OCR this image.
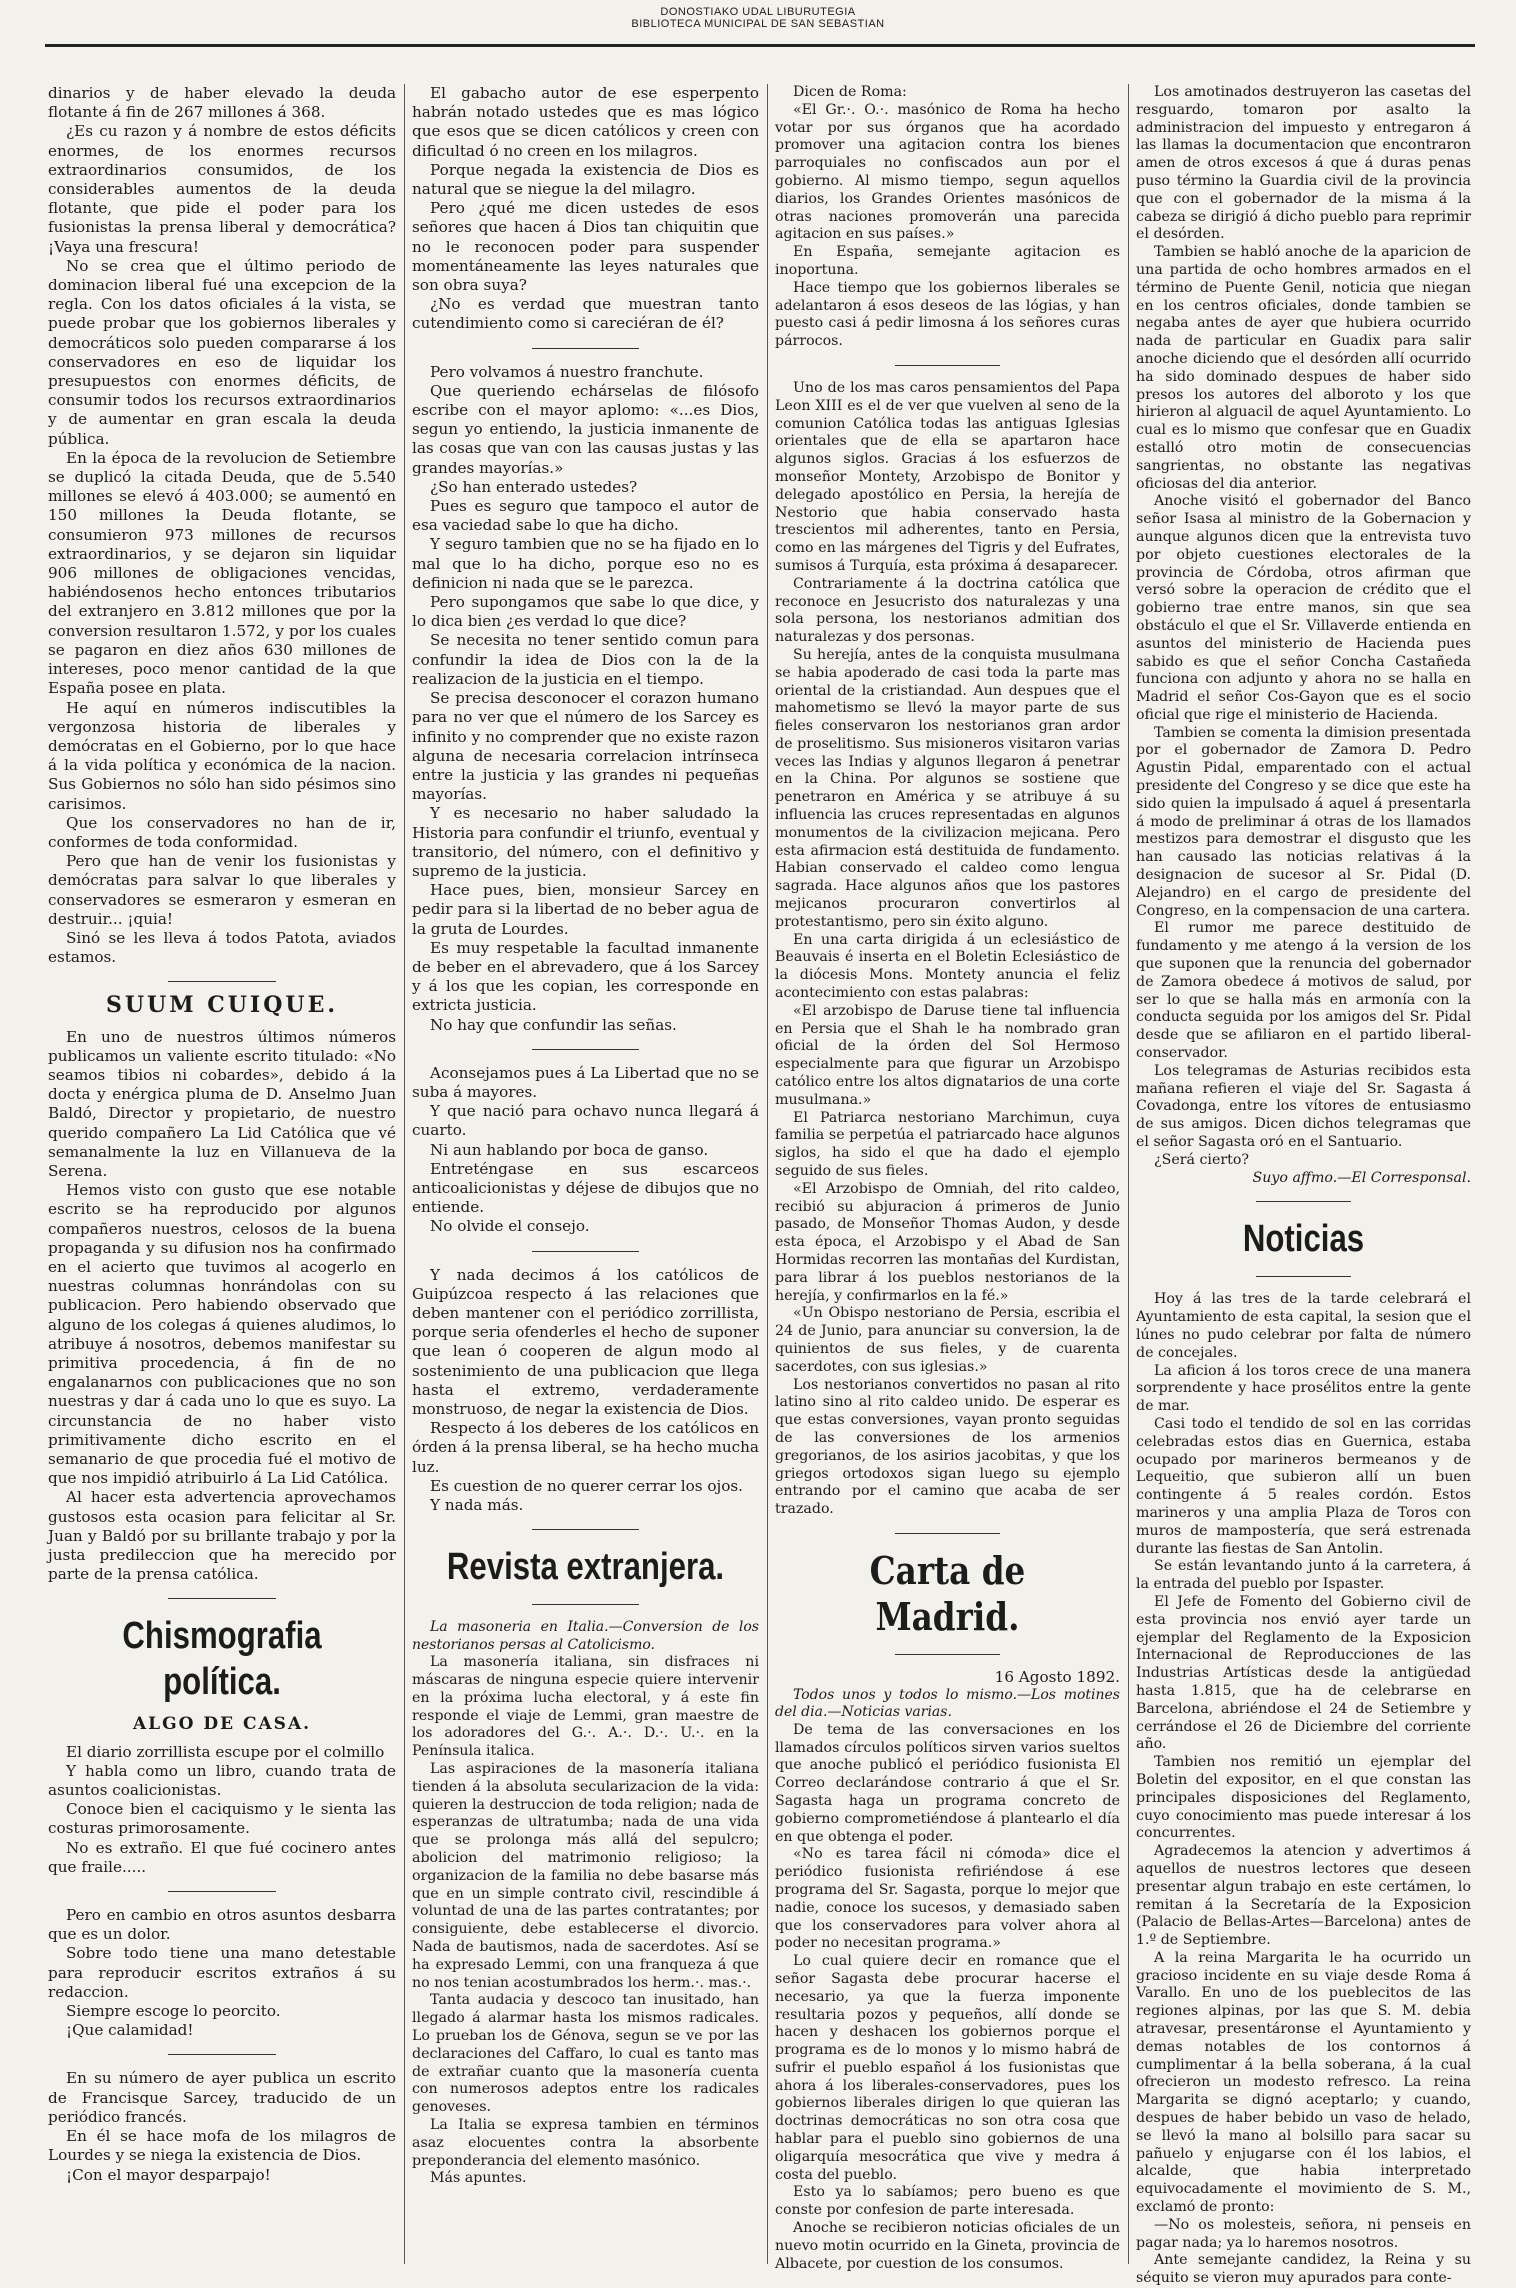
DONOSTIAKO UDAL LIBURUTEGIA
BIBLIOTECA MUNICIPAL DE SAN SEBASTIAN

dinarios y de haber elevado la deuda flotante á fin de 267 millones á 368.

¿Es cu razon y á nombre de estos déficits enormes, de los enormes recursos extraordinarios consumidos, de los considerables aumentos de la deuda flotante, que pide el poder para los fusionistas la prensa liberal y democrática? ¡Vaya una frescura!

No se crea que el último periodo de dominacion liberal fué una excepcion de la regla. Con los datos oficiales á la vista, se puede probar que los gobiernos liberales y democráticos solo pueden compararse á los conservadores en eso de liquidar los presupuestos con enormes déficits, de consumir todos los recursos extraordinarios y de aumentar en gran escala la deuda pública.

En la época de la revolucion de Setiembre se duplicó la citada Deuda, que de 5.540 millones se elevó á 403.000; se aumentó en 150 millones la Deuda flotante, se consumieron 973 millones de recursos extraordinarios, y se dejaron sin liquidar 906 millones de obligaciones vencidas, habiéndosenos hecho entonces tributarios del extranjero en 3.812 millones que por la conversion resultaron 1.572, y por los cuales se pagaron en diez años 630 millones de intereses, poco menor cantidad de la que España posee en plata.

He aquí en números indiscutibles la vergonzosa historia de liberales y demócratas en el Gobierno, por lo que hace á la vida política y económica de la nacion. Sus Gobiernos no sólo han sido pésimos sino carisimos.

Que los conservadores no han de ir, conformes de toda conformidad.

Pero que han de venir los fusionistas y demócratas para salvar lo que liberales y conservadores se esmeraron y esmeran en destruir... ¡quia!

Sinó se les lleva á todos Patota, aviados estamos.

SUUM CUIQUE.

En uno de nuestros últimos números publicamos un valiente escrito titulado: «No seamos tibios ni cobardes», debido á la docta y enérgica pluma de D. Anselmo Juan Baldó, Director y propietario, de nuestro querido compañero La Lid Católica que vé semanalmente la luz en Villanueva de la Serena.

Hemos visto con gusto que ese notable escrito se ha reproducido por algunos compañeros nuestros, celosos de la buena propaganda y su difusion nos ha confirmado en el acierto que tuvimos al acogerlo en nuestras columnas honrándolas con su publicacion. Pero habiendo observado que alguno de los colegas á quienes aludimos, lo atribuye á nosotros, debemos manifestar su primitiva procedencia, á fin de no engalanarnos con publicaciones que no son nuestras y dar á cada uno lo que es suyo. La circunstancia de no haber visto primitivamente dicho escrito en el semanario de que procedia fué el motivo de que nos impidió atribuirlo á La Lid Católica.

Al hacer esta advertencia aprovechamos gustosos esta ocasion para felicitar al Sr. Juan y Baldó por su brillante trabajo y por la justa predileccion que ha merecido por parte de la prensa católica.

Chismografia política.
ALGO DE CASA.

El diario zorrillista escupe por el colmillo

Y habla como un libro, cuando trata de asuntos coalicionistas.

Conoce bien el caciquismo y le sienta las costuras primorosamente.

No es extraño. El que fué cocinero antes que fraile.....

Pero en cambio en otros asuntos desbarra que es un dolor.

Sobre todo tiene una mano detestable para reproducir escritos extraños á su redaccion.

Siempre escoge lo peorcito.

¡Que calamidad!

En su número de ayer publica un escrito de Francisque Sarcey, traducido de un periódico francés.

En él se hace mofa de los milagros de Lourdes y se niega la existencia de Dios.

¡Con el mayor desparpajo!

El gabacho autor de ese esperpento habrán notado ustedes que es mas lógico que esos que se dicen católicos y creen con dificultad ó no creen en los milagros.

Porque negada la existencia de Dios es natural que se niegue la del milagro.

Pero ¿qué me dicen ustedes de esos señores que hacen á Dios tan chiquitin que no le reconocen poder para suspender momentáneamente las leyes naturales que son obra suya?

¿No es verdad que muestran tanto cutendimiento como si careciéran de él?

Pero volvamos á nuestro franchute.

Que queriendo echárselas de filósofo escribe con el mayor aplomo: «...es Dios, segun yo entiendo, la justicia inmanente de las cosas que van con las causas justas y las grandes mayorías.»

¿So han enterado ustedes?

Pues es seguro que tampoco el autor de esa vaciedad sabe lo que ha dicho.

Y seguro tambien que no se ha fijado en lo mal que lo ha dicho, porque eso no es definicion ni nada que se le parezca.

Pero supongamos que sabe lo que dice, y lo dica bien ¿es verdad lo que dice?

Se necesita no tener sentido comun para confundir la idea de Dios con la de la realizacion de la justicia en el tiempo.

Se precisa desconocer el corazon humano para no ver que el número de los Sarcey es infinito y no comprender que no existe razon alguna de necesaria correlacion intrínseca entre la justicia y las grandes ni pequeñas mayorías.

Y es necesario no haber saludado la Historia para confundir el triunfo, eventual y transitorio, del número, con el definitivo y supremo de la justicia.

Hace pues, bien, monsieur Sarcey en pedir para si la libertad de no beber agua de la gruta de Lourdes.

Es muy respetable la facultad inmanente de beber en el abrevadero, que á los Sarcey y á los que les copian, les corresponde en extricta justicia.

No hay que confundir las señas.

Aconsejamos pues á La Libertad que no se suba á mayores.

Y que nació para ochavo nunca llegará á cuarto.

Ni aun hablando por boca de ganso.

Entreténgase en sus escarceos anticoalicionistas y déjese de dibujos que no entiende.

No olvide el consejo.

Y nada decimos á los católicos de Guipúzcoa respecto á las relaciones que deben mantener con el periódico zorrillista, porque seria ofenderles el hecho de suponer que lean ó cooperen de algun modo al sostenimiento de una publicacion que llega hasta el extremo, verdaderamente monstruoso, de negar la existencia de Dios.

Respecto á los deberes de los católicos en órden á la prensa liberal, se ha hecho mucha luz.

Es cuestion de no querer cerrar los ojos.

Y nada más.

Revista extranjera.

La masoneria en Italia.—Conversion de los nestorianos persas al Catolicismo.

La masonería italiana, sin disfraces ni máscaras de ninguna especie quiere intervenir en la próxima lucha electoral, y á este fin responde el viaje de Lemmi, gran maestre de los adoradores del G.·. A.·. D.·. U.·. en la Península italica.

Las aspiraciones de la masonería italiana tienden á la absoluta secularizacion de la vida: quieren la destruccion de toda religion; nada de esperanzas de ultratumba; nada de una vida que se prolonga más allá del sepulcro; abolicion del matrimonio religioso; la organizacion de la familia no debe basarse más que en un simple contrato civil, rescindible á voluntad de una de las partes contratantes; por consiguiente, debe establecerse el divorcio. Nada de bautismos, nada de sacerdotes. Así se ha expresado Lemmi, con una franqueza á que no nos tenian acostumbrados los herm.·. mas.·.

Tanta audacia y descoco tan inusitado, han llegado á alarmar hasta los mismos radicales. Lo prueban los de Génova, segun se ve por las declaraciones del Caffaro, lo cual es tanto mas de extrañar cuanto que la masonería cuenta con numerosos adeptos entre los radicales genoveses.

La Italia se expresa tambien en términos asaz elocuentes contra la absorbente preponderancia del elemento masónico.

Más apuntes.

Dicen de Roma:

«El Gr.·. O.·. masónico de Roma ha hecho votar por sus órganos que ha acordado promover una agitacion contra los bienes parroquiales no confiscados aun por el gobierno. Al mismo tiempo, segun aquellos diarios, los Grandes Orientes masónicos de otras naciones promoverán una parecida agitacion en sus países.»

En España, semejante agitacion es inoportuna.

Hace tiempo que los gobiernos liberales se adelantaron á esos deseos de las lógias, y han puesto casi á pedir limosna á los señores curas párrocos.

Uno de los mas caros pensamientos del Papa Leon XIII es el de ver que vuelven al seno de la comunion Católica todas las antiguas Iglesias orientales que de ella se apartaron hace algunos siglos. Gracias á los esfuerzos de monseñor Montety, Arzobispo de Bonitor y delegado apostólico en Persia, la herejía de Nestorio que habia conservado hasta trescientos mil adherentes, tanto en Persia, como en las márgenes del Tigris y del Eufrates, sumisos á Turquía, esta próxima á desaparecer.

Contrariamente á la doctrina católica que reconoce en Jesucristo dos naturalezas y una sola persona, los nestorianos admitian dos naturalezas y dos personas.

Su herejía, antes de la conquista musulmana se habia apoderado de casi toda la parte mas oriental de la cristiandad. Aun despues que el mahometismo se llevó la mayor parte de sus fieles conservaron los nestorianos gran ardor de proselitismo. Sus misioneros visitaron varias veces las Indias y algunos llegaron á penetrar en la China. Por algunos se sostiene que penetraron en América y se atribuye á su influencia las cruces representadas en algunos monumentos de la civilizacion mejicana. Pero esta afirmacion está destituida de fundamento. Habian conservado el caldeo como lengua sagrada. Hace algunos años que los pastores mejicanos procuraron convertirlos al protestantismo, pero sin éxito alguno.

En una carta dirigida á un eclesiástico de Beauvais é inserta en el Boletin Eclesiástico de la diócesis Mons. Montety anuncia el feliz acontecimiento con estas palabras:

«El arzobispo de Daruse tiene tal influencia en Persia que el Shah le ha nombrado gran oficial de la órden del Sol Hermoso especialmente para que figurar un Arzobispo católico entre los altos dignatarios de una corte musulmana.»

El Patriarca nestoriano Marchimun, cuya familia se perpetúa el patriarcado hace algunos siglos, ha sido el que ha dado el ejemplo seguido de sus fieles.

«El Arzobispo de Omniah, del rito caldeo, recibió su abjuracion á primeros de Junio pasado, de Monseñor Thomas Audon, y desde esta época, el Arzobispo y el Abad de San Hormidas recorren las montañas del Kurdistan, para librar á los pueblos nestorianos de la herejía, y confirmarlos en la fé.»

«Un Obispo nestoriano de Persia, escribia el 24 de Junio, para anunciar su conversion, la de quinientos de sus fieles, y de cuarenta sacerdotes, con sus iglesias.»

Los nestorianos convertidos no pasan al rito latino sino al rito caldeo unido. De esperar es que estas conversiones, vayan pronto seguidas de las conversiones de los armenios gregorianos, de los asirios jacobitas, y que los griegos ortodoxos sigan luego su ejemplo entrando por el camino que acaba de ser trazado.

Carta de Madrid.
16 Agosto 1892.

Todos unos y todos lo mismo.—Los motines del dia.—Noticias varias.

De tema de las conversaciones en los llamados círculos políticos sirven varios sueltos que anoche publicó el periódico fusionista El Correo declarándose contrario á que el Sr. Sagasta haga un programa concreto de gobierno comprometiéndose á plantearlo el día en que obtenga el poder.

«No es tarea fácil ni cómoda» dice el periódico fusionista refiriéndose á ese programa del Sr. Sagasta, porque lo mejor que nadie, conoce los sucesos, y demasiado saben que los conservadores para volver ahora al poder no necesitan programa.»

Lo cual quiere decir en romance que el señor Sagasta debe procurar hacerse el necesario, ya que la fuerza imponente resultaria pozos y pequeños, allí donde se hacen y deshacen los gobiernos porque el programa es de lo monos y lo mismo habrá de sufrir el pueblo español á los fusionistas que ahora á los liberales-conservadores, pues los gobiernos liberales dirigen lo que quieran las doctrinas democráticas no son otra cosa que hablar para el pueblo sino gobiernos de una oligarquía mesocrática que vive y medra á costa del pueblo.

Esto ya lo sabíamos; pero bueno es que conste por confesion de parte interesada.

Anoche se recibieron noticias oficiales de un nuevo motin ocurrido en la Gineta, provincia de Albacete, por cuestion de los consumos.

Los amotinados destruyeron las casetas del resguardo, tomaron por asalto la administracion del impuesto y entregaron á las llamas la documentacion que encontraron amen de otros excesos á que á duras penas puso término la Guardia civil de la provincia que con el gobernador de la misma á la cabeza se dirigió á dicho pueblo para reprimir el desórden.

Tambien se habló anoche de la aparicion de una partida de ocho hombres armados en el término de Puente Genil, noticia que niegan en los centros oficiales, donde tambien se negaba antes de ayer que hubiera ocurrido nada de particular en Guadix para salir anoche diciendo que el desórden allí ocurrido ha sido dominado despues de haber sido presos los autores del alboroto y los que hirieron al alguacil de aquel Ayuntamiento. Lo cual es lo mismo que confesar que en Guadix estalló otro motin de consecuencias sangrientas, no obstante las negativas oficiosas del dia anterior.

Anoche visitó el gobernador del Banco señor Isasa al ministro de la Gobernacion y aunque algunos dicen que la entrevista tuvo por objeto cuestiones electorales de la provincia de Córdoba, otros afirman que versó sobre la operacion de crédito que el gobierno trae entre manos, sin que sea obstáculo el que el Sr. Villaverde entienda en asuntos del ministerio de Hacienda pues sabido es que el señor Concha Castañeda funciona con adjunto y ahora no se halla en Madrid el señor Cos-Gayon que es el socio oficial que rige el ministerio de Hacienda.

Tambien se comenta la dimision presentada por el gobernador de Zamora D. Pedro Agustin Pidal, emparentado con el actual presidente del Congreso y se dice que este ha sido quien la impulsado á aquel á presentarla á modo de preliminar á otras de los llamados mestizos para demostrar el disgusto que les han causado las noticias relativas á la designacion de sucesor al Sr. Pidal (D. Alejandro) en el cargo de presidente del Congreso, en la compensacion de una cartera.

El rumor me parece destituido de fundamento y me atengo á la version de los que suponen que la renuncia del gobernador de Zamora obedece á motivos de salud, por ser lo que se halla más en armonía con la conducta seguida por los amigos del Sr. Pidal desde que se afiliaron en el partido liberal-conservador.

Los telegramas de Asturias recibidos esta mañana refieren el viaje del Sr. Sagasta á Covadonga, entre los vítores de entusiasmo de sus amigos. Dicen dichos telegramas que el señor Sagasta oró en el Santuario.

¿Será cierto?

Suyo affmo.—El Corresponsal.

Noticias

Hoy á las tres de la tarde celebrará el Ayuntamiento de esta capital, la sesion que el lúnes no pudo celebrar por falta de número de concejales.

La aficion á los toros crece de una manera sorprendente y hace prosélitos entre la gente de mar.

Casi todo el tendido de sol en las corridas celebradas estos dias en Guernica, estaba ocupado por marineros bermeanos y de Lequeitio, que subieron allí un buen contingente á 5 reales cordón. Estos marineros y una amplia Plaza de Toros con muros de mampostería, que será estrenada durante las fiestas de San Antolin.

Se están levantando junto á la carretera, á la entrada del pueblo por Ispaster.

El Jefe de Fomento del Gobierno civil de esta provincia nos envió ayer tarde un ejemplar del Reglamento de la Exposicion Internacional de Reproducciones de las Industrias Artísticas desde la antigüedad hasta 1.815, que ha de celebrarse en Barcelona, abriéndose el 24 de Setiembre y cerrándose el 26 de Diciembre del corriente año.

Tambien nos remitió un ejemplar del Boletin del expositor, en el que constan las principales disposiciones del Reglamento, cuyo conocimiento mas puede interesar á los concurrentes.

Agradecemos la atencion y advertimos á aquellos de nuestros lectores que deseen presentar algun trabajo en este certámen, lo remitan á la Secretaría de la Exposicion (Palacio de Bellas-Artes—Barcelona) antes de 1.º de Septiembre.

A la reina Margarita le ha ocurrido un gracioso incidente en su viaje desde Roma á Varallo. En uno de los pueblecitos de las regiones alpinas, por las que S. M. debia atravesar, presentáronse el Ayuntamiento y demas notables de los contornos á cumplimentar á la bella soberana, á la cual ofrecieron un modesto refresco. La reina Margarita se dignó aceptarlo; y cuando, despues de haber bebido un vaso de helado, se llevó la mano al bolsillo para sacar su pañuelo y enjugarse con él los labios, el alcalde, que habia interpretado equivocadamente el movimiento de S. M., exclamó de pronto:

—No os molesteis, señora, ni penseis en pagar nada; ya lo haremos nosotros.

Ante semejante candidez, la Reina y su séquito se vieron muy apurados para conte-
